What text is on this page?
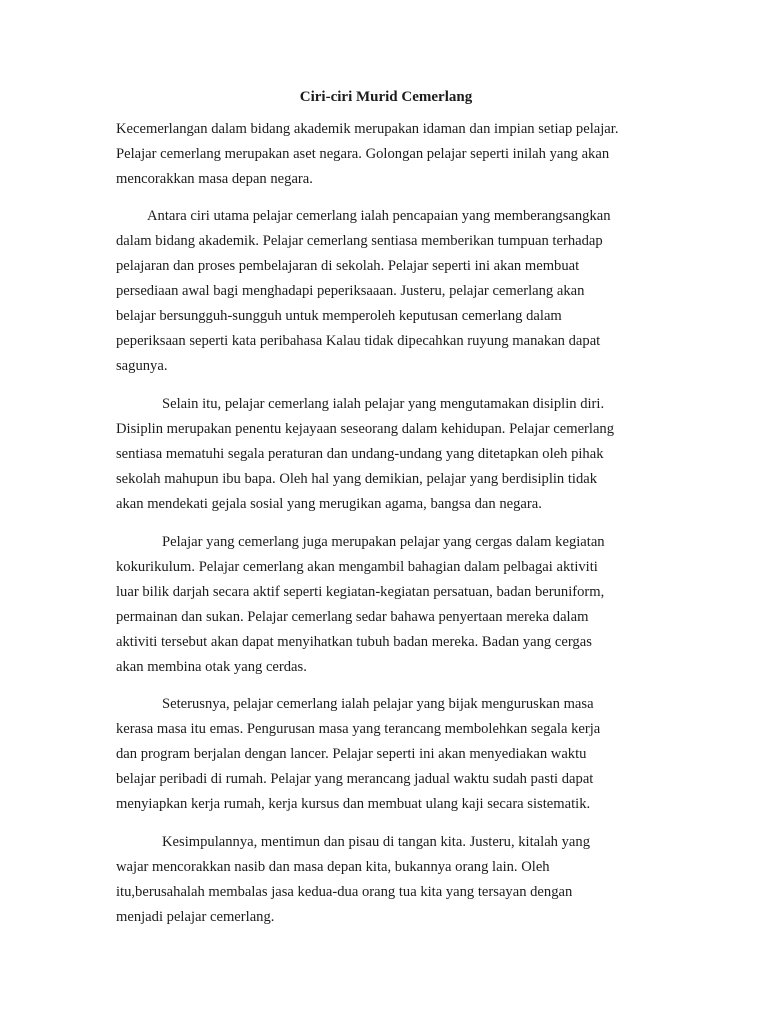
Ciri-ciri Murid Cemerlang
Kecemerlangan dalam bidang akademik merupakan idaman dan impian setiap pelajar.
Pelajar cemerlang merupakan aset negara. Golongan pelajar seperti inilah yang akan
mencorakkan masa depan negara.
Antara ciri utama pelajar cemerlang ialah pencapaian yang memberangsangkan
dalam bidang akademik. Pelajar cemerlang sentiasa memberikan tumpuan terhadap
pelajaran dan proses pembelajaran di sekolah. Pelajar seperti ini akan membuat
persediaan awal bagi menghadapi peperiksaaan. Justeru, pelajar cemerlang akan
belajar bersungguh-sungguh untuk memperoleh keputusan cemerlang dalam
peperiksaan seperti kata peribahasa Kalau tidak dipecahkan ruyung manakan dapat
sagunya.
Selain itu, pelajar cemerlang ialah pelajar yang mengutamakan disiplin diri.
Disiplin merupakan penentu kejayaan seseorang dalam kehidupan. Pelajar cemerlang
sentiasa mematuhi segala peraturan dan undang-undang yang ditetapkan oleh pihak
sekolah mahupun ibu bapa. Oleh hal yang demikian, pelajar yang berdisiplin tidak
akan mendekati gejala sosial yang merugikan agama, bangsa dan negara.
Pelajar yang cemerlang juga merupakan pelajar yang cergas dalam kegiatan
kokurikulum. Pelajar cemerlang akan mengambil bahagian dalam pelbagai aktiviti
luar bilik darjah secara aktif seperti kegiatan-kegiatan persatuan, badan beruniform,
permainan dan sukan. Pelajar cemerlang sedar bahawa penyertaan mereka dalam
aktiviti tersebut akan dapat menyihatkan tubuh badan mereka. Badan yang cergas
akan membina otak yang cerdas.
Seterusnya, pelajar cemerlang ialah pelajar yang bijak menguruskan masa
kerasa masa itu emas. Pengurusan masa yang terancang membolehkan segala kerja
dan program berjalan dengan lancer. Pelajar seperti ini akan menyediakan waktu
belajar peribadi di rumah. Pelajar yang merancang jadual waktu sudah pasti dapat
menyiapkan kerja rumah, kerja kursus dan membuat ulang kaji secara sistematik.
Kesimpulannya, mentimun dan pisau di tangan kita. Justeru, kitalah yang
wajar mencorakkan nasib dan masa depan kita, bukannya orang lain. Oleh
itu,berusahalah membalas jasa kedua-dua orang tua kita yang tersayan dengan
menjadi pelajar cemerlang.
